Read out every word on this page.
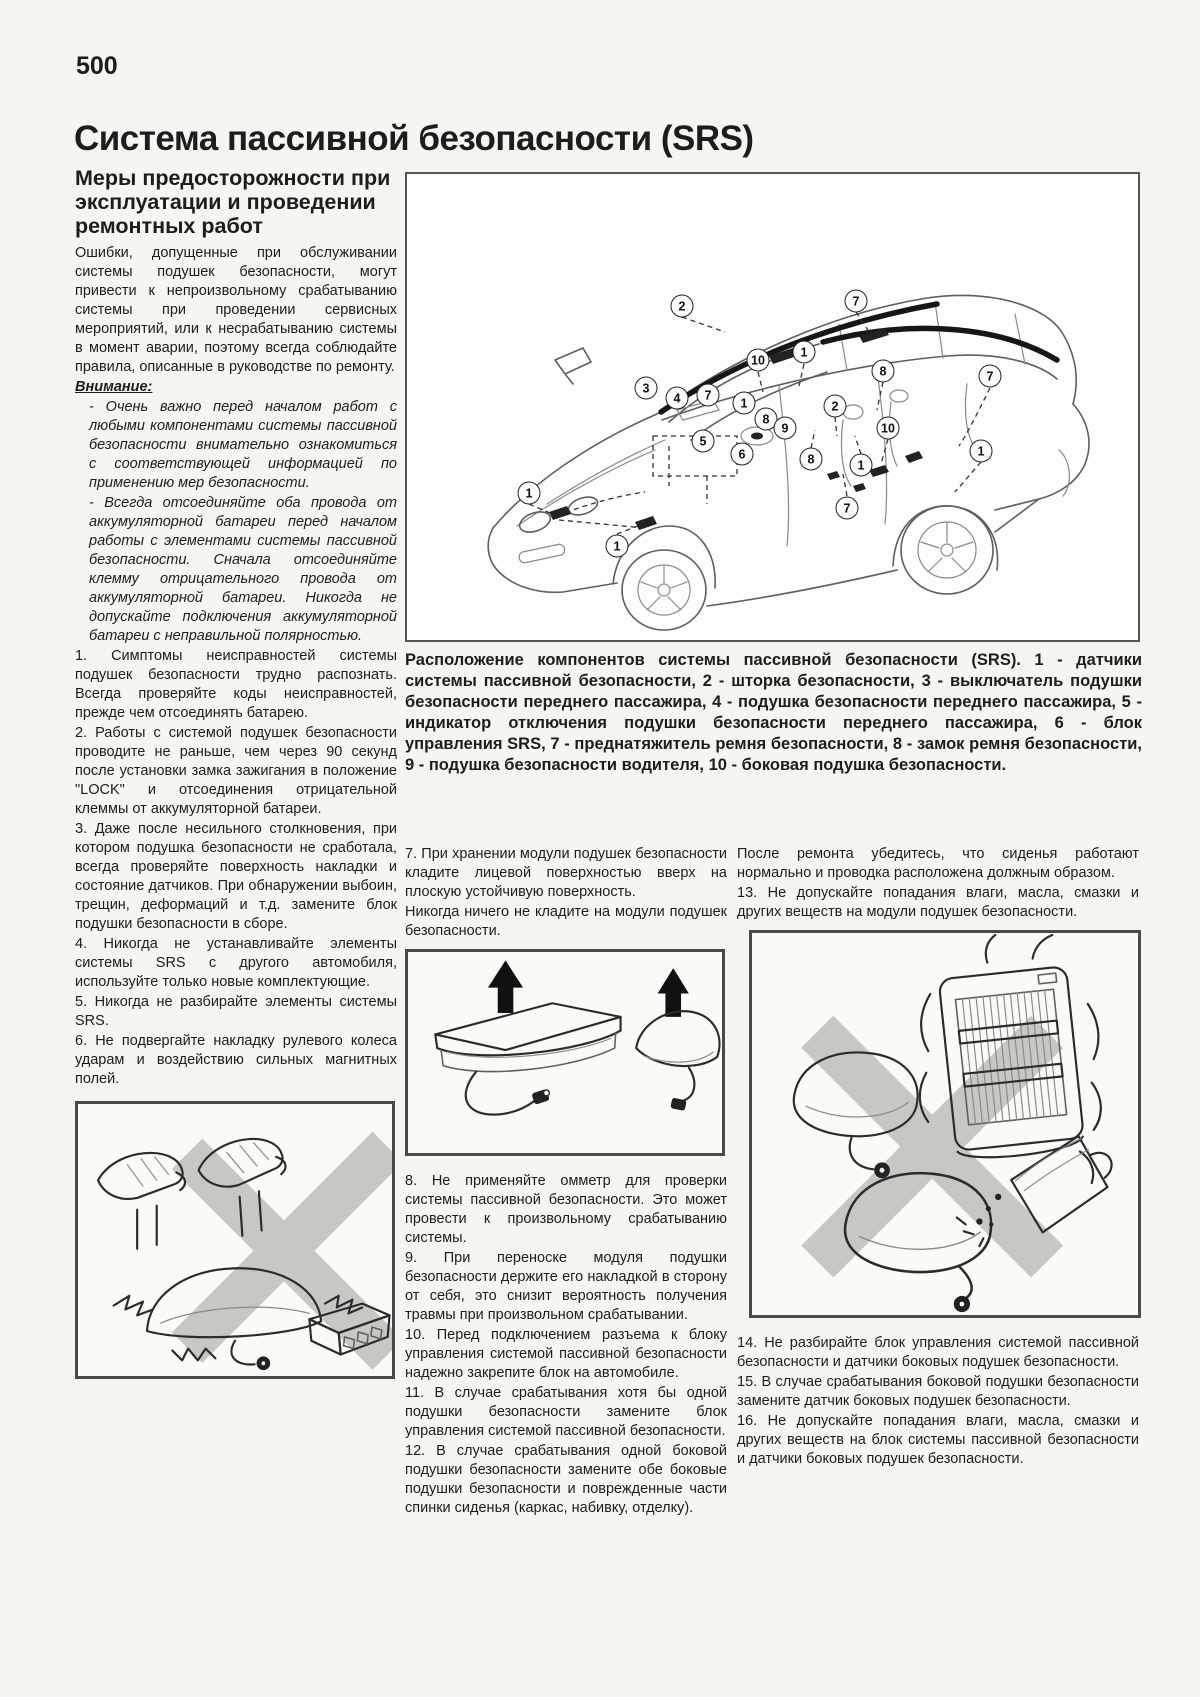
500
Система пассивной безопасности (SRS)
Меры предосторожности при эксплуатации и проведении ремонтных работ

Ошибки, допущенные при обслуживании системы подушек безопасности, могут привести к непроизвольному срабатыванию системы при проведении сервисных мероприятий, или к несрабатыванию системы в момент аварии, поэтому всегда соблюдайте правила, описанные в руководстве по ремонту.

Внимание:

- Очень важно перед началом работ с любыми компонентами системы пассивной безопасности внимательно ознакомиться с соответствующей информацией по применению мер безопасности.

- Всегда отсоединяйте оба провода от аккумуляторной батареи перед началом работы с элементами системы пассивной безопасности. Сначала отсоединяйте клемму отрицательного провода от аккумуляторной батареи. Никогда не допускайте подключения аккумуляторной батареи с неправильной полярностью.

1. Симптомы неисправностей системы подушек безопасности трудно распознать. Всегда проверяйте коды неисправностей, прежде чем отсоединять батарею.

2. Работы с системой подушек безопасности проводите не раньше, чем через 90 секунд после установки замка зажигания в положение "LOCK" и отсоединения отрицательной клеммы от аккумуляторной батареи.

3. Даже после несильного столкновения, при котором подушка безопасности не сработала, всегда проверяйте поверхность накладки и состояние датчиков. При обнаружении выбоин, трещин, деформаций и т.д. замените блок подушки безопасности в сборе.

4. Никогда не устанавливайте элементы системы SRS с другого автомобиля, используйте только новые комплектующие.

5. Никогда не разбирайте элементы системы SRS.

6. Не подвергайте накладку рулевого колеса ударам и воздействию сильных магнитных полей.

2	7
1
10
3
4	7
1
8
9
5
6
2
8
10
8	1
7
7
1
1
1
Расположение компонентов системы пассивной безопасности (SRS). 1 - датчики системы пассивной безопасности, 2 - шторка безопасности, 3 - выключатель подушки безопасности переднего пассажира, 4 - подушка безопасности переднего пассажира, 5 - индикатор отключения подушки безопасности переднего пассажира, 6 - блок управления SRS, 7 - преднатяжитель ремня безопасности, 8 - замок ремня безопасности, 9 - подушка безопасности водителя, 10 - боковая подушка безопасности.

7. При хранении модули подушек безопасности кладите лицевой поверхностью вверх на плоскую устойчивую поверхность.

Никогда ничего не кладите на модули подушек безопасности.

8. Не применяйте омметр для проверки системы пассивной безопасности. Это может провести к произвольному срабатыванию системы.

9. При переноске модуля подушки безопасности держите его накладкой в сторону от себя, это снизит вероятность получения травмы при произвольном срабатывании.

10. Перед подключением разъема к блоку управления системой пассивной безопасности надежно закрепите блок на автомобиле.

11. В случае срабатывания хотя бы одной подушки безопасности замените блок управления системой пассивной безопасности.

12. В случае срабатывания одной боковой подушки безопасности замените обе боковые подушки безопасности и поврежденные части спинки сиденья (каркас, набивку, отделку).

После ремонта убедитесь, что сиденья работают нормально и проводка расположена должным образом.

13. Не допускайте попадания влаги, масла, смазки и других веществ на модули подушек безопасности.

14. Не разбирайте блок управления системой пассивной безопасности и датчики боковых подушек безопасности.

15. В случае срабатывания боковой подушки безопасности замените датчик боковых подушек безопасности.

16. Не допускайте попадания влаги, масла, смазки и других веществ на блок системы пассивной безопасности и датчики боковых подушек безопасности.
